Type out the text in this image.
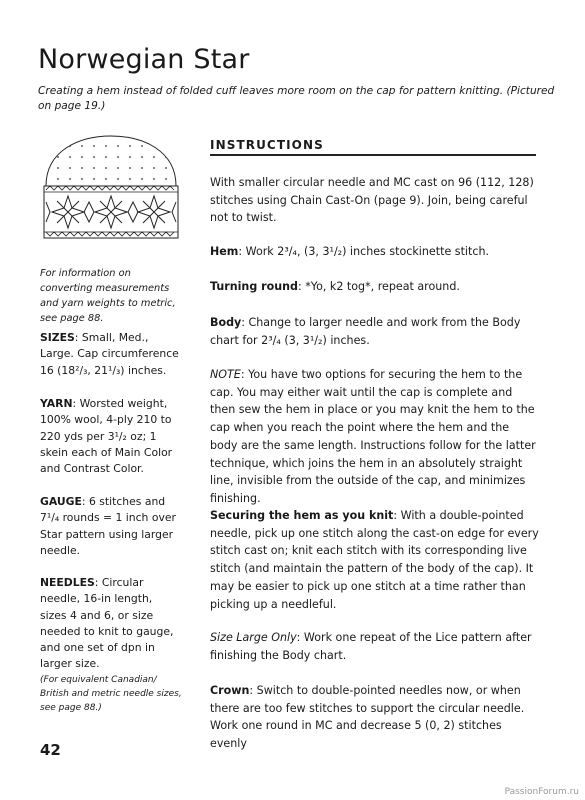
Norwegian Star
Creating a hem instead of folded cuff leaves more room on the cap for pattern knitting. (Pictured on page 19.)

For information on converting measurements and yarn weights to metric, see page 88.

SIZES: Small, Med., Large. Cap circumference 16 (18²/₃, 21¹/₃) inches.

YARN: Worsted weight, 100% wool, 4-ply 210 to 220 yds per 3¹/₂ oz; 1 skein each of Main Color and Contrast Color.

GAUGE: 6 stitches and 7¹/₄ rounds = 1 inch over Star pattern using larger needle.

NEEDLES: Circular needle, 16-in length, sizes 4 and 6, or size needed to knit to gauge, and one set of dpn in larger size.

(For equivalent Canadian/ British and metric needle sizes, see page 88.)

INSTRUCTIONS

With smaller circular needle and MC cast on 96 (112, 128) stitches using Chain Cast-On (page 9). Join, being careful not to twist.

Hem: Work 2³/₄, (3, 3¹/₂) inches stockinette stitch.

Turning round: *Yo, k2 tog*, repeat around.

Body: Change to larger needle and work from the Body chart for 2³/₄ (3, 3¹/₂) inches.

NOTE: You have two options for securing the hem to the cap. You may either wait until the cap is complete and then sew the hem in place or you may knit the hem to the cap when you reach the point where the hem and the body are the same length. Instructions follow for the latter technique, which joins the hem in an absolutely straight line, invisible from the outside of the cap, and minimizes finishing.

Securing the hem as you knit: With a double-pointed needle, pick up one stitch along the cast-on edge for every stitch cast on; knit each stitch with its corresponding live stitch (and maintain the pattern of the body of the cap). It may be easier to pick up one stitch at a time rather than picking up a needleful.

Size Large Only: Work one repeat of the Lice pattern after finishing the Body chart.

Crown: Switch to double-pointed needles now, or when there are too few stitches to support the circular needle. Work one round in MC and decrease 5 (0, 2) stitches evenly

42
PassionForum.ru
